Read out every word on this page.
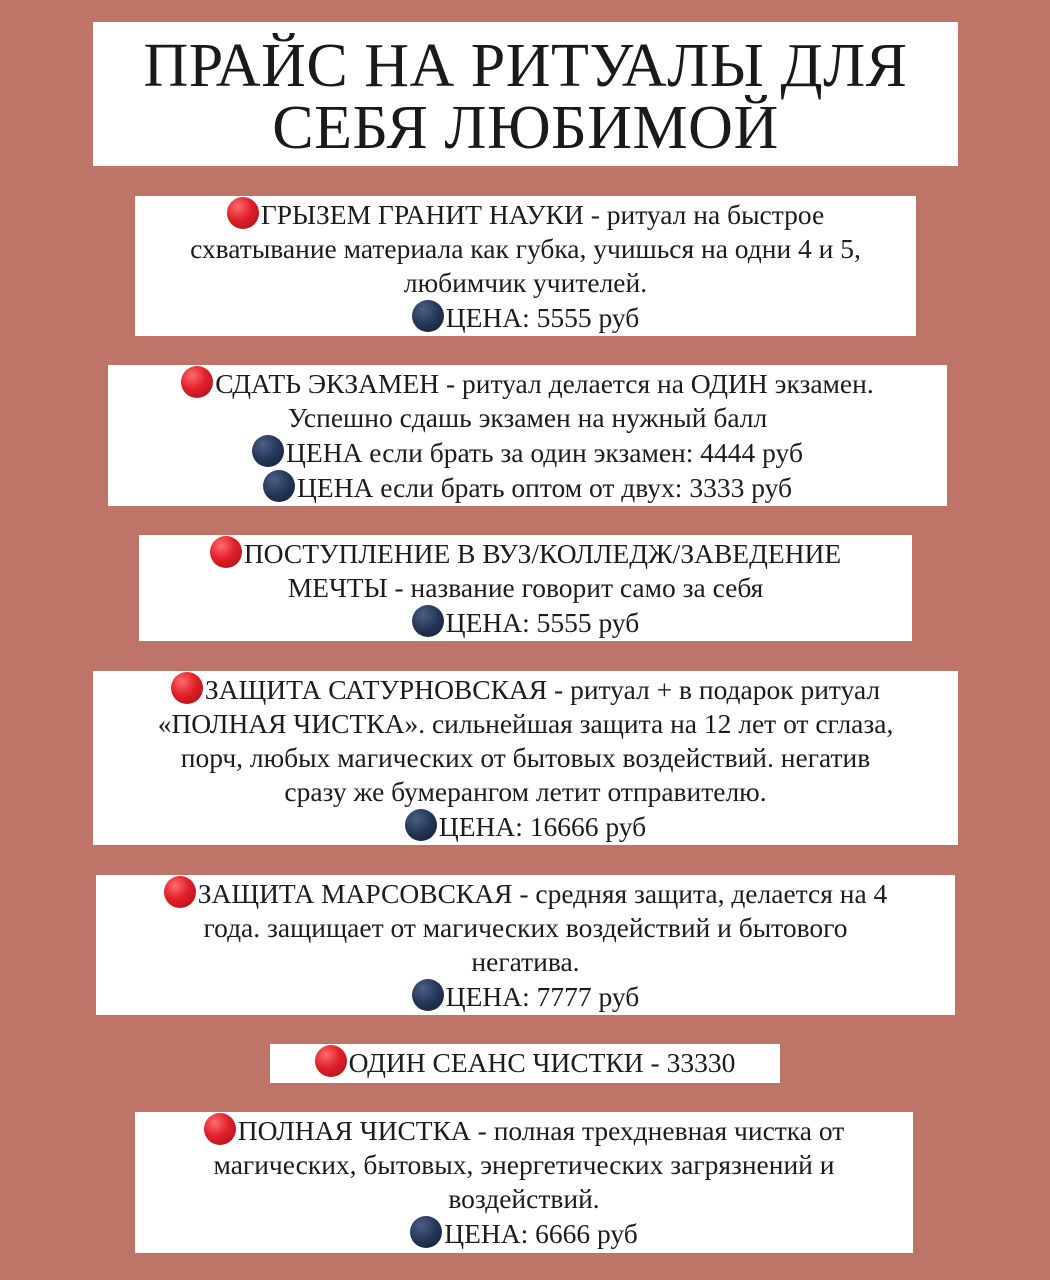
ПРАЙС НА РИТУАЛЫ ДЛЯ
СЕБЯ ЛЮБИМОЙ

ГРЫЗЕМ ГРАНИТ НАУКИ - ритуал на быстрое

схватывание материала как губка, учишься на одни 4 и 5,

любимчик учителей.

ЦЕНА: 5555 руб

СДАТЬ ЭКЗАМЕН - ритуал делается на ОДИН экзамен.

Успешно сдашь экзамен на нужный балл

ЦЕНА если брать за один экзамен: 4444 руб

ЦЕНА если брать оптом от двух: 3333 руб

ПОСТУПЛЕНИЕ В ВУЗ/КОЛЛЕДЖ/ЗАВЕДЕНИЕ

МЕЧТЫ - название говорит само за себя

ЦЕНА: 5555 руб

ЗАЩИТА САТУРНОВСКАЯ - ритуал + в подарок ритуал

«ПОЛНАЯ ЧИСТКА». сильнейшая защита на 12 лет от сглаза,

порч, любых магических от бытовых воздействий. негатив

сразу же бумерангом летит отправителю.

ЦЕНА: 16666 руб

ЗАЩИТА МАРСОВСКАЯ - средняя защита, делается на 4

года. защищает от магических воздействий и бытового

негатива.

ЦЕНА: 7777 руб

ОДИН СЕАНС ЧИСТКИ - 33330

ПОЛНАЯ ЧИСТКА - полная трехдневная чистка от

магических, бытовых, энергетических загрязнений и

воздействий.

ЦЕНА: 6666 руб
